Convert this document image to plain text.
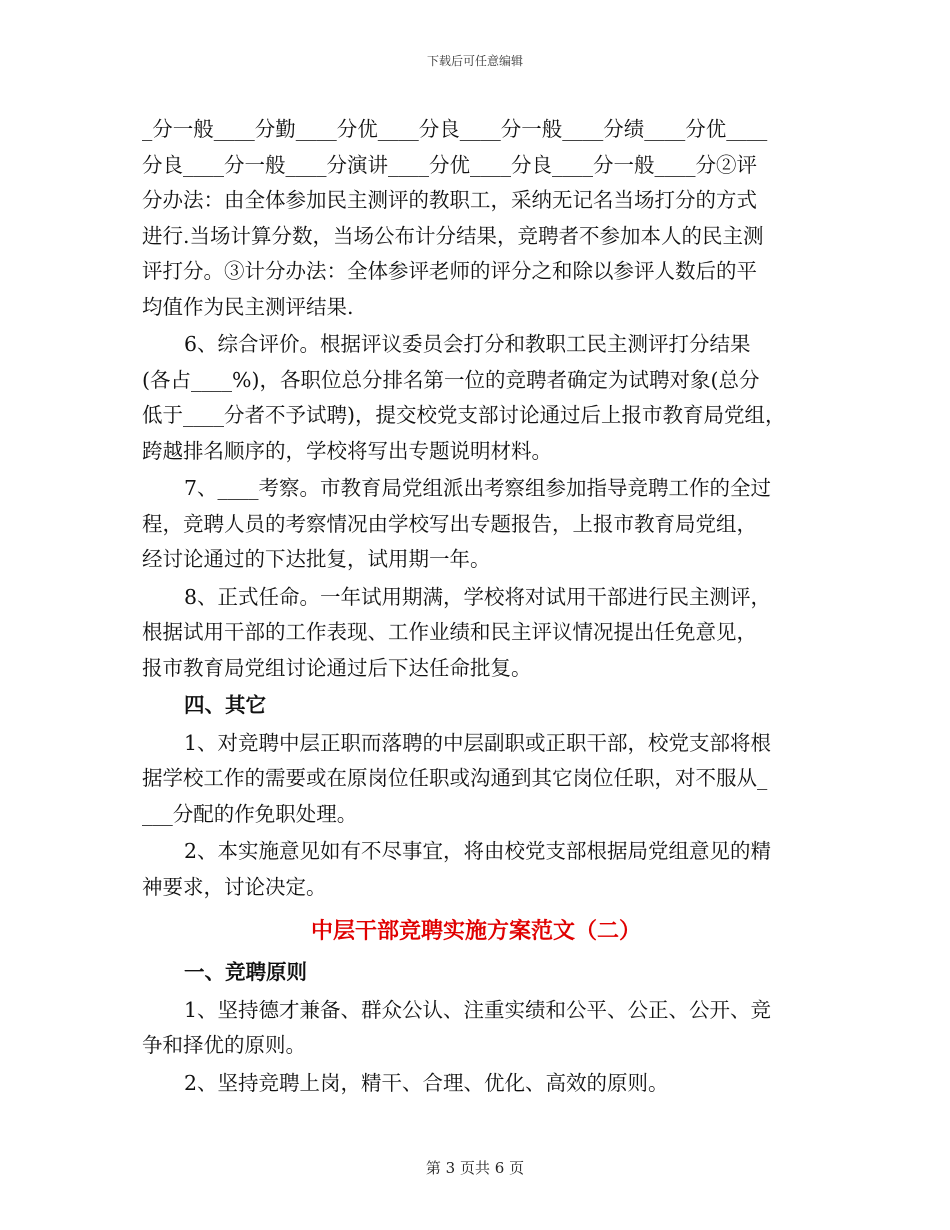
下载后可任意编辑
_分一般____分勤____分优____分良____分一般____分绩____分优____
分良____分一般____分演讲____分优____分良____分一般____分②评
分办法：由全体参加民主测评的教职工，采纳无记名当场打分的方式
进行.当场计算分数，当场公布计分结果，竞聘者不参加本人的民主测
评打分。③计分办法：全体参评老师的评分之和除以参评人数后的平
均值作为民主测评结果.
6、综合评价。根据评议委员会打分和教职工民主测评打分结果
(各占____%)，各职位总分排名第一位的竞聘者确定为试聘对象(总分
低于____分者不予试聘)，提交校党支部讨论通过后上报市教育局党组，
跨越排名顺序的，学校将写出专题说明材料。
7、____考察。市教育局党组派出考察组参加指导竞聘工作的全过
程，竞聘人员的考察情况由学校写出专题报告，上报市教育局党组，
经讨论通过的下达批复，试用期一年。
8、正式任命。一年试用期满，学校将对试用干部进行民主测评，
根据试用干部的工作表现、工作业绩和民主评议情况提出任免意见，
报市教育局党组讨论通过后下达任命批复。
四、其它
1、对竞聘中层正职而落聘的中层副职或正职干部，校党支部将根
据学校工作的需要或在原岗位任职或沟通到其它岗位任职，对不服从_
___分配的作免职处理。
2、本实施意见如有不尽事宜，将由校党支部根据局党组意见的精
神要求，讨论决定。
中层干部竞聘实施方案范文（二）
一、竞聘原则
1、坚持德才兼备、群众公认、注重实绩和公平、公正、公开、竞
争和择优的原则。
2、坚持竞聘上岗，精干、合理、优化、高效的原则。
第 3 页共 6 页
